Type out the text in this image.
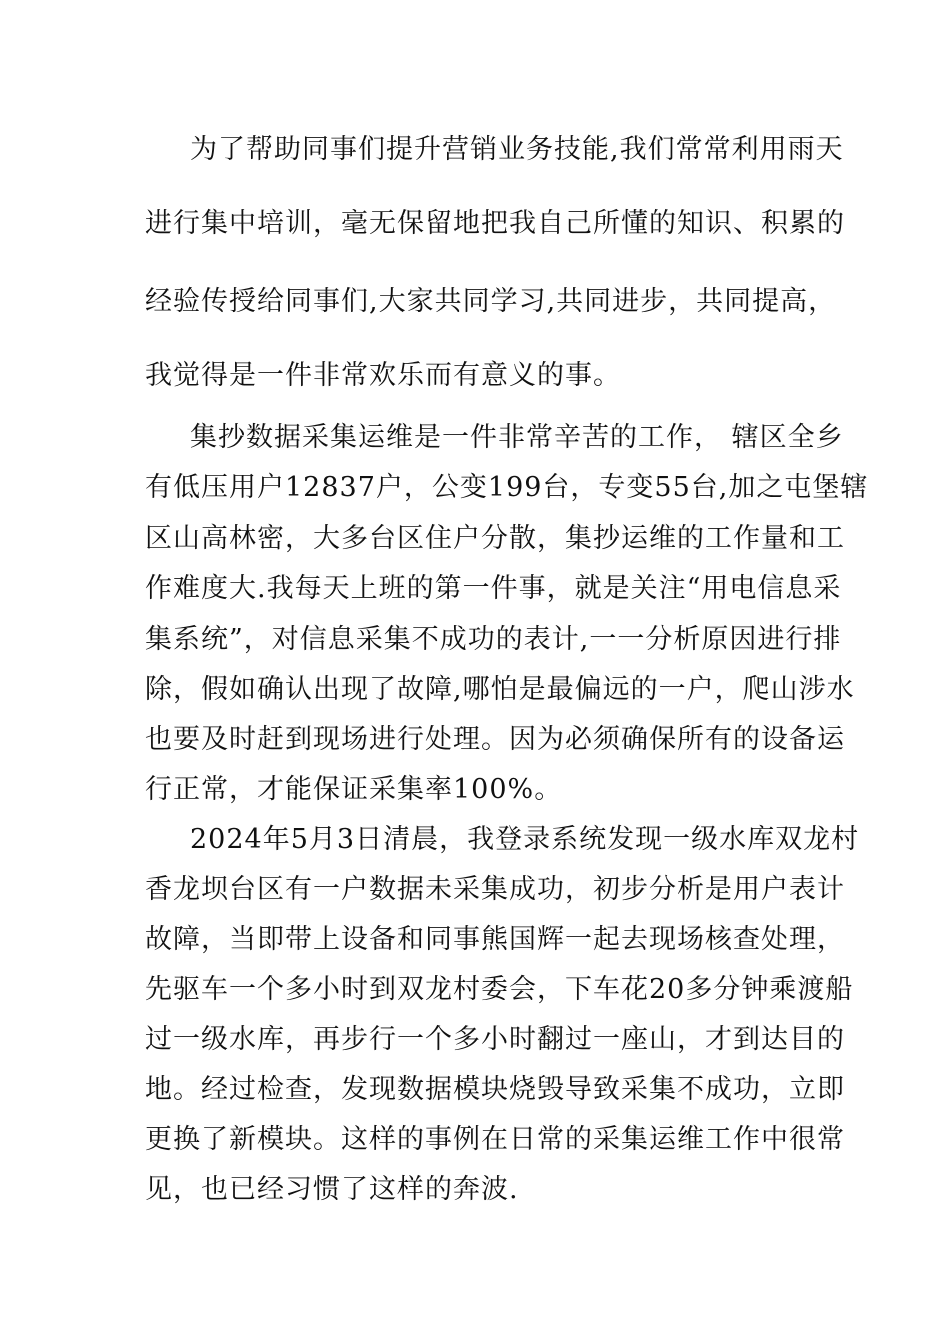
为了帮助同事们提升营销业务技能,我们常常利用雨天
进行集中培训，毫无保留地把我自己所懂的知识、积累的
经验传授给同事们,大家共同学习,共同进步，共同提高，
我觉得是一件非常欢乐而有意义的事。
集抄数据采集运维是一件非常辛苦的工作， 辖区全乡
有低压用户12837户，公变199台，专变55台,加之屯堡辖
区山高林密，大多台区住户分散，集抄运维的工作量和工
作难度大.我每天上班的第一件事，就是关注“用电信息采
集系统”，对信息采集不成功的表计,一一分析原因进行排
除，假如确认出现了故障,哪怕是最偏远的一户，爬山涉水
也要及时赶到现场进行处理。因为必须确保所有的设备运
行正常，才能保证采集率100%。
2024年5月3日清晨，我登录系统发现一级水库双龙村
香龙坝台区有一户数据未采集成功，初步分析是用户表计
故障，当即带上设备和同事熊国辉一起去现场核查处理，
先驱车一个多小时到双龙村委会，下车花20多分钟乘渡船
过一级水库，再步行一个多小时翻过一座山，才到达目的
地。经过检查，发现数据模块烧毁导致采集不成功，立即
更换了新模块。这样的事例在日常的采集运维工作中很常
见，也已经习惯了这样的奔波.
